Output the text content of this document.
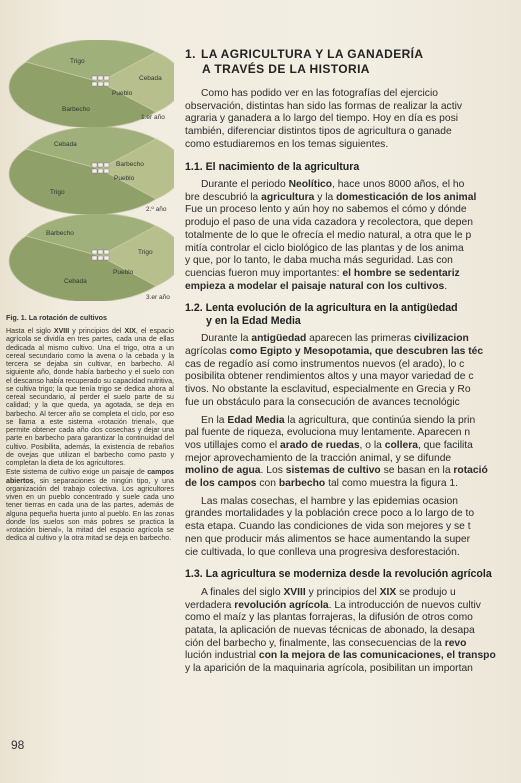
Trigo
Cebada
Barbecho
Pueblo
1.er año
Trigo
Cebada
Barbecho
Pueblo
2.º año
Trigo
Cebada
Barbecho
Pueblo
3.er año
Fig. 1. La rotación de cultivos

Hasta el siglo XVIII y principios del XIX, el espacio agrícola se dividía en tres partes, cada una de ellas dedicada al mismo cultivo. Una el trigo, otra a un cereal secundario como la avena o la cebada y la tercera se dejaba sin cultivar, en barbecho. Al siguiente año, donde había barbecho y el suelo con el descanso había recuperado su capacidad nutritiva, se cultiva trigo; la que tenía trigo se dedica ahora al cereal secundario, al perder el suelo parte de su calidad; y la que queda, ya agotada, se deja en barbecho. Al tercer año se completa el ciclo, por eso se llama a este sistema «rotación trienal», que permite obtener cada año dos cosechas y dejar una parte en barbecho para garantizar la continuidad del cultivo. Posibilita, además, la existencia de rebaños de ovejas que utilizan el barbecho como pasto y completan la dieta de los agricultores.

Este sistema de cultivo exige un paisaje de campos abiertos, sin separaciones de ningún tipo, y una organización del trabajo colectiva. Los agricultores viven en un pueblo concentrado y suele cada uno tener tierras en cada una de las partes, además de alguna pequeña huerta junto al pueblo. En las zonas donde los suelos son más pobres se practica la «rotación bienal», la mitad del espacio agrícola se dedica al cultivo y la otra mitad se deja en barbecho.

1. LA AGRICULTURA Y LA GANADERÍA
A TRAVÉS DE LA HISTORIA
Como has podido ver en las fotografías del ejercicio
observación, distintas han sido las formas de realizar la activ
agraria y ganadera a lo largo del tiempo. Hoy en día es posi
también, diferenciar distintos tipos de agricultura o ganade
como estudiaremos en los temas siguientes.
1.1. El nacimiento de la agricultura
Durante el periodo Neolítico, hace unos 8000 años, el ho
bre descubrió la agricultura y la domesticación de los animal
Fue un proceso lento y aún hoy no sabemos el cómo y dónde
produjo el paso de una vida cazadora y recolectora, que depen
totalmente de lo que le ofrecía el medio natural, a otra que le p
mitía controlar el ciclo biológico de las plantas y de los anima
y que, por lo tanto, le daba mucha más seguridad. Las con
cuencias fueron muy importantes: el hombre se sedentariz
empieza a modelar el paisaje natural con los cultivos.
1.2. Lenta evolución de la agricultura en la antigüedad
y en la Edad Media
Durante la antigüedad aparecen las primeras civilizacion
agrícolas como Egipto y Mesopotamia, que descubren las téc
cas de regadío así como instrumentos nuevos (el arado), lo c
posibilita obtener rendimientos altos y una mayor variedad de c
tivos. No obstante la esclavitud, especialmente en Grecia y Ro
fue un obstáculo para la consecución de avances tecnológic
En la Edad Media la agricultura, que continúa siendo la prin
pal fuente de riqueza, evoluciona muy lentamente. Aparecen n
vos utillajes como el arado de ruedas, o la collera, que facilita
mejor aprovechamiento de la tracción animal, y se difunde
molino de agua. Los sistemas de cultivo se basan en la rotació
de los campos con barbecho tal como muestra la figura 1.
Las malas cosechas, el hambre y las epidemias ocasion
grandes mortalidades y la población crece poco a lo largo de to
esta etapa. Cuando las condiciones de vida son mejores y se t
nen que producir más alimentos se hace aumentando la super
cie cultivada, lo que conlleva una progresiva desforestación.
1.3. La agricultura se moderniza desde la revolución agrícola
A finales del siglo XVIII y principios del XIX se produjo u
verdadera revolución agrícola. La introducción de nuevos cultiv
como el maíz y las plantas forrajeras, la difusión de otros como
patata, la aplicación de nuevas técnicas de abonado, la desapa
ción del barbecho y, finalmente, las consecuencias de la revo
lución industrial con la mejora de las comunicaciones, el transpo
y la aparición de la maquinaria agrícola, posibilitan un importan
98
